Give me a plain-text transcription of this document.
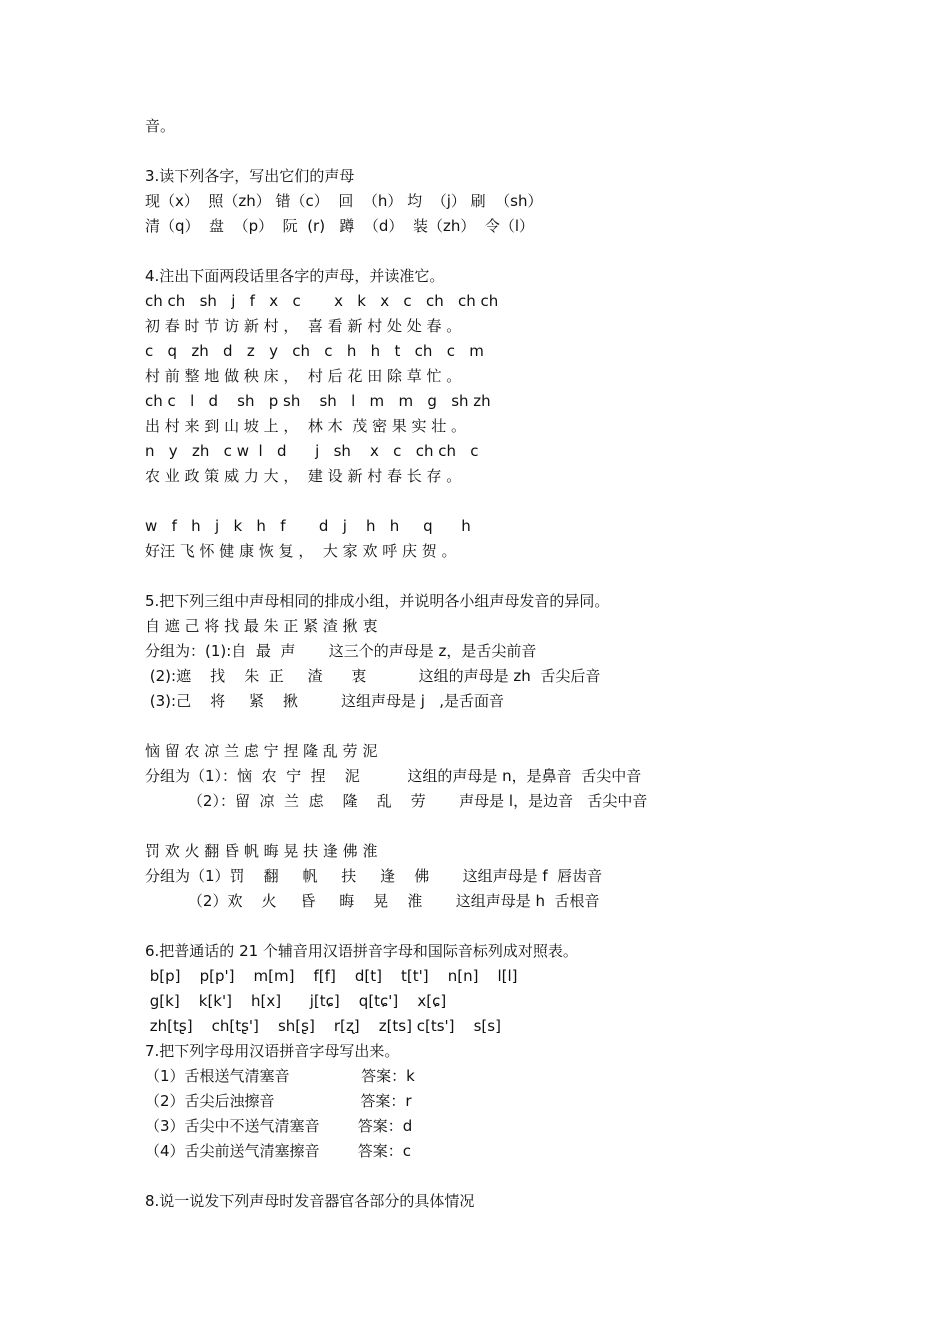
音。
3.读下列各字，写出它们的声母
现（x）  照（zh） 错（c）  回  （h） 均  （j） 刷  （sh）
清（q）  盘  （p）  阮  (r)   蹲  （d）  装（zh）  令（l）
4.注出下面两段话里各字的声母，并读准它。
ch ch   sh   j   f   x   c       x   k   x   c   ch   ch ch
初 春 时 节 访 新 村 ，  喜 看 新 村 处 处 春 。
c   q   zh   d   z   y   ch   c   h   h   t   ch   c   m
村 前 整 地 做 秧 床 ，  村 后 花 田 除 草 忙 。
ch c   l   d    sh   p sh    sh   l   m   m   g   sh zh
出 村 来 到 山 坡 上 ，  林 木  茂 密 果 实 壮 。
n   y   zh   c w  l   d      j   sh    x   c   ch ch   c
农 业 政 策 威 力 大 ，  建 设 新 村 春 长 存 。
w   f   h   j   k   h   f       d   j    h   h     q      h
好汪 飞 怀 健 康 恢 复 ，  大 家 欢 呼 庆 贺 。
5.把下列三组中声母相同的排成小组，并说明各小组声母发音的异同。
自 遮 己 将 找 最 朱 正 紧 渣 揪 衷
分组为：(1):自  最  声       这三个的声母是 z，是舌尖前音
(2):遮    找    朱  正     渣      衷           这组的声母是 zh  舌尖后音
(3):己    将     紧    揪         这组声母是 j   ,是舌面音
恼 留 农 凉 兰 虑 宁 捏 隆 乱 劳 泥
分组为（1）：恼  农  宁  捏    泥          这组的声母是 n，是鼻音  舌尖中音
（2）：留  凉  兰  虑    隆    乱    劳       声母是 l，是边音   舌尖中音
罚 欢 火 翻 昏 帆 晦 晃 扶 逢 佛 淮
分组为（1）罚    翻     帆     扶     逢    佛       这组声母是 f  唇齿音
（2）欢    火     昏     晦    晃    淮       这组声母是 h  舌根音
6.把普通话的 21 个辅音用汉语拼音字母和国际音标列成对照表。
b[p]    p[p']    m[m]    f[f]    d[t]    t[t']    n[n]    l[l]
g[k]    k[k']    h[x]      j[tɕ]    q[tɕ']    x[ɕ]
zh[tʂ]    ch[tʂ']    sh[ʂ]    r[ʐ]    z[ts] c[ts']    s[s]
7.把下列字母用汉语拼音字母写出来。
（1）舌根送气清塞音               答案：k
（2）舌尖后浊擦音                  答案：r
（3）舌尖中不送气清塞音        答案：d
（4）舌尖前送气清塞擦音        答案：c
8.说一说发下列声母时发音器官各部分的具体情况
